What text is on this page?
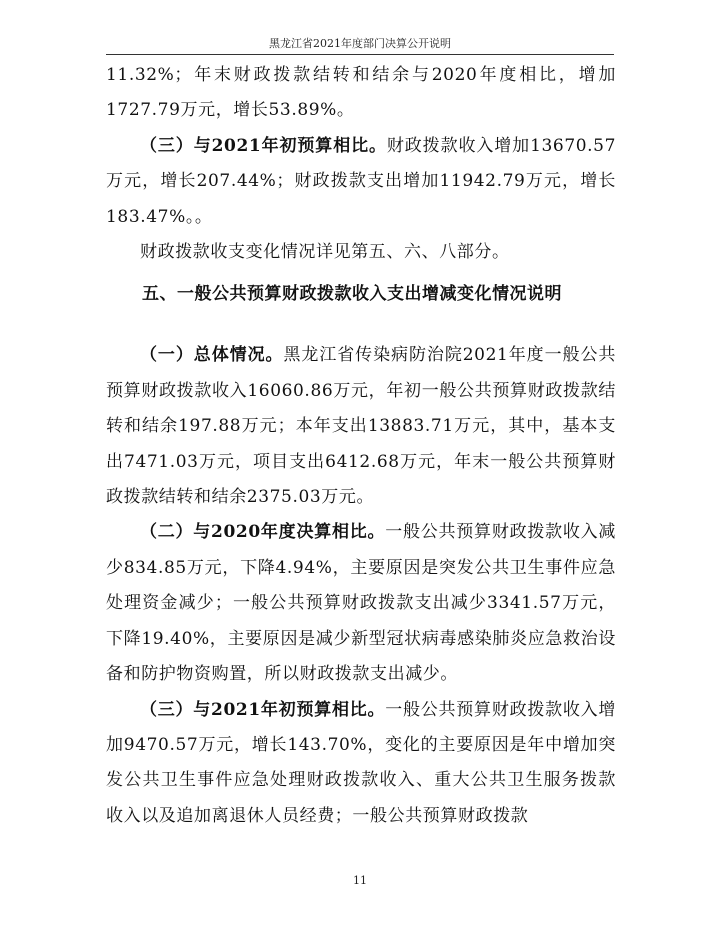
黑龙江省2021年度部门决算公开说明

11.32%；年末财政拨款结转和结余与2020年度相比，增加1727.79万元，增长53.89%。

（三）与2021年初预算相比。财政拨款收入增加13670.57万元，增长207.44%；财政拨款支出增加11942.79万元，增长183.47%。。

财政拨款收支变化情况详见第五、六、八部分。

五、一般公共预算财政拨款收入支出增减变化情况说明

（一）总体情况。黑龙江省传染病防治院2021年度一般公共预算财政拨款收入16060.86万元，年初一般公共预算财政拨款结转和结余197.88万元；本年支出13883.71万元，其中，基本支出7471.03万元，项目支出6412.68万元，年末一般公共预算财政拨款结转和结余2375.03万元。

（二）与2020年度决算相比。一般公共预算财政拨款收入减少834.85万元，下降4.94%，主要原因是突发公共卫生事件应急处理资金减少；一般公共预算财政拨款支出减少3341.57万元，下降19.40%，主要原因是减少新型冠状病毒感染肺炎应急救治设备和防护物资购置，所以财政拨款支出减少。

（三）与2021年初预算相比。一般公共预算财政拨款收入增加9470.57万元，增长143.70%，变化的主要原因是年中增加突发公共卫生事件应急处理财政拨款收入、重大公共卫生服务拨款收入以及追加离退休人员经费；一般公共预算财政拨款

11
